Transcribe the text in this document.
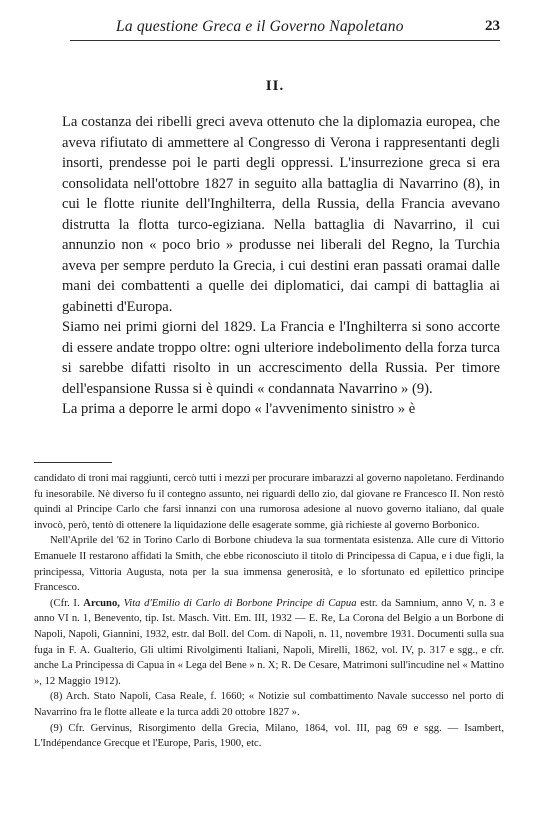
La questione Greca e il Governo Napoletano	23
II.

La costanza dei ribelli greci aveva ottenuto che la diplomazia europea, che aveva rifiutato di ammettere al Congresso di Verona i rappresentanti degli insorti, prendesse poi le parti degli oppressi. L'insurrezione greca si era consolidata nell'ottobre 1827 in seguito alla battaglia di Navarrino (8), in cui le flotte riunite dell'Inghilterra, della Russia, della Francia avevano distrutta la flotta turco-egiziana. Nella battaglia di Navarrino, il cui annunzio non « poco brio » produsse nei liberali del Regno, la Turchia aveva per sempre perduto la Grecia, i cui destini eran passati oramai dalle mani dei combattenti a quelle dei diplomatici, dai campi di battaglia ai gabinetti d'Europa.

Siamo nei primi giorni del 1829. La Francia e l'Inghilterra si sono accorte di essere andate troppo oltre: ogni ulteriore indebolimento della forza turca si sarebbe difatti risolto in un accrescimento della Russia. Per timore dell'espansione Russa si è quindi « condannata Navarrino » (9).

La prima a deporre le armi dopo « l'avvenimento sinistro » è

candidato di troni mai raggiunti, cercò tutti i mezzi per procurare imbarazzi al governo napoletano. Ferdinando fu inesorabile. Nè diverso fu il contegno assunto, nei riguardi dello zio, dal giovane re Francesco II. Non restò quindi al Principe Carlo che farsi innanzi con una rumorosa adesione al nuovo governo italiano, dal quale invocò, però, tentò di ottenere la liquidazione delle esagerate somme, già richieste al governo Borbonico.

Nell'Aprile del '62 in Torino Carlo di Borbone chiudeva la sua tormentata esistenza. Alle cure di Vittorio Emanuele II restarono affidati la Smith, che ebbe riconosciuto il titolo di Principessa di Capua, e i due figli, la principessa, Vittoria Augusta, nota per la sua immensa generosità, e lo sfortunato ed epilettico principe Francesco.

(Cfr. I. Arcuno, Vita d'Emilio di Carlo di Borbone Principe di Capua estr. da Samnium, anno V, n. 3 e anno VI n. 1, Benevento, tip. Ist. Masch. Vitt. Em. III, 1932 — E. Re, La Corona del Belgio a un Borbone di Napoli, Napoli, Giannini, 1932, estr. dal Boll. del Com. di Napoli, n. 11, novembre 1931. Documenti sulla sua fuga in F. A. Gualterio, Gli ultimi Rivolgimenti Italiani, Napoli, Mirelli, 1862, vol. IV, p. 317 e sgg., e cfr. anche La Principessa di Capua in « Lega del Bene » n. X; R. De Cesare, Matrimoni sull'incudine nel « Mattino », 12 Maggio 1912).

(8) Arch. Stato Napoli, Casa Reale, f. 1660; « Notizie sul combattimento Navale successo nel porto di Navarrino fra le flotte alleate e la turca addì 20 ottobre 1827 ».

(9) Cfr. Gervinus, Risorgimento della Grecia, Milano, 1864, vol. III, pag 69 e sgg. — Isambert, L'Indépendance Grecque et l'Europe, Paris, 1900, etc.
